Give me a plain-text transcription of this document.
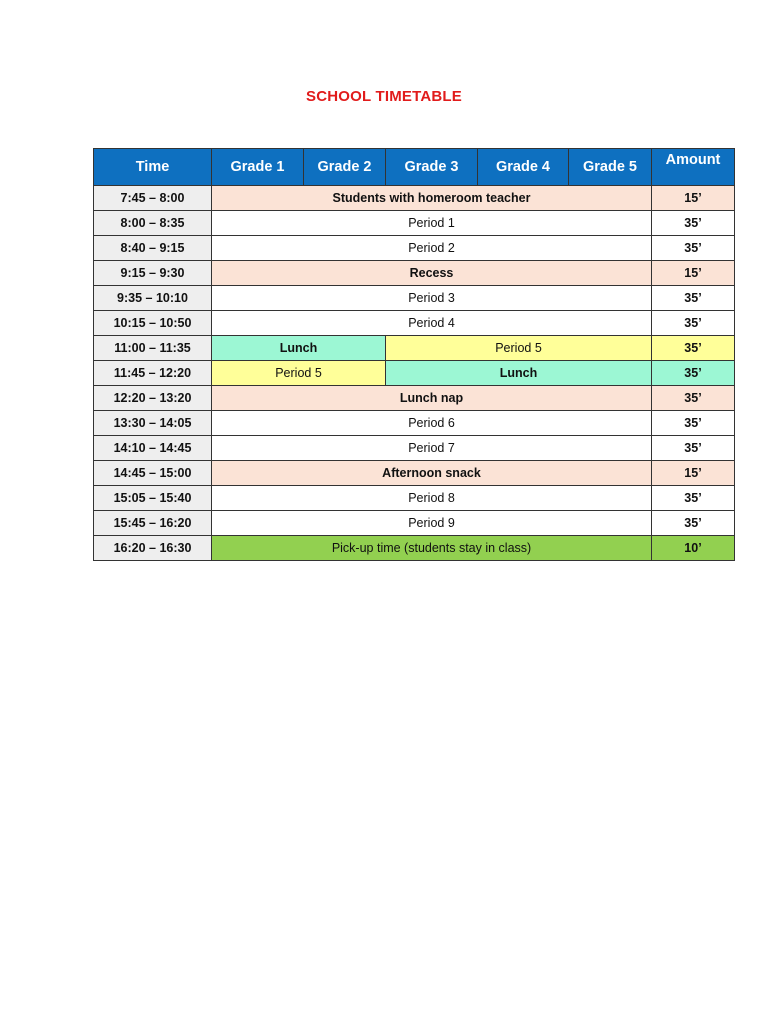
SCHOOL TIMETABLE
Time	Grade 1	Grade 2	Grade 3	Grade 4	Grade 5	Amount
7:45 – 8:00	Students with homeroom teacher					15’
8:00 – 8:35	Period 1					35’
8:40 – 9:15	Period 2					35’
9:15 – 9:30	Recess					15’
9:35 – 10:10	Period 3					35’
10:15 – 10:50	Period 4					35’
11:00 – 11:35	Lunch		Period 5			35’
11:45 – 12:20	Period 5		Lunch			35’
12:20 – 13:20	Lunch nap					35’
13:30 – 14:05	Period 6					35’
14:10 – 14:45	Period 7					35’
14:45 – 15:00	Afternoon snack					15’
15:05 – 15:40	Period 8					35’
15:45 – 16:20	Period 9					35’
16:20 – 16:30	Pick-up time (students stay in class)					10’
